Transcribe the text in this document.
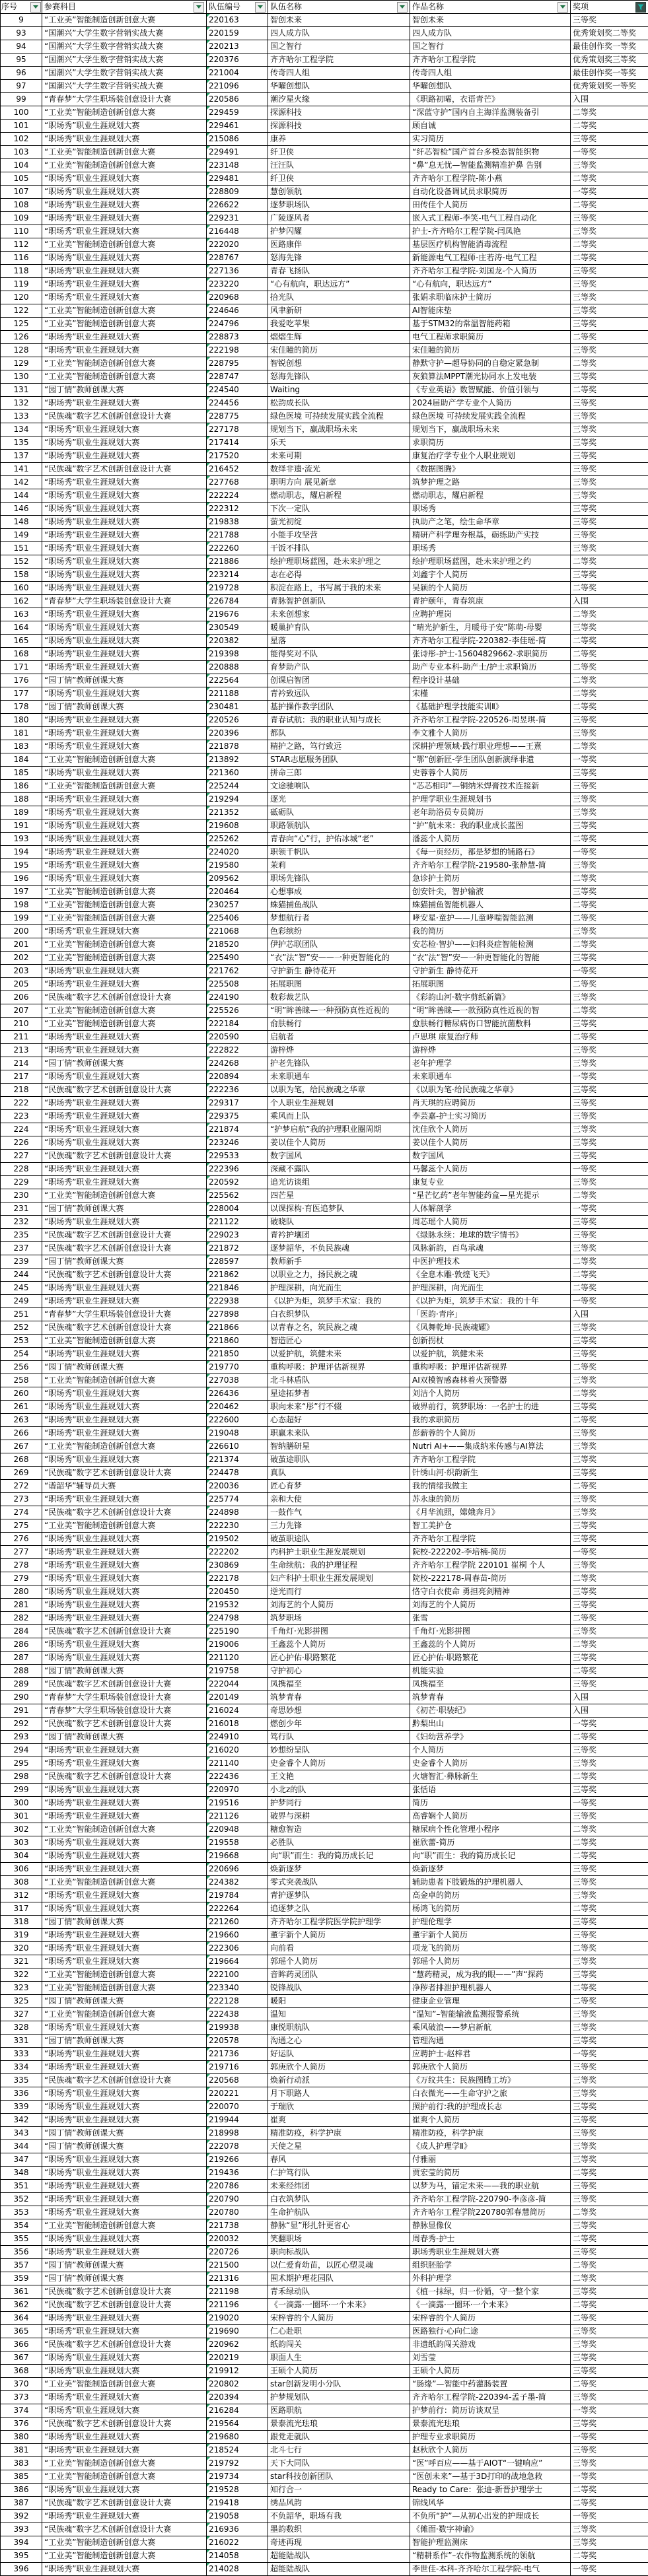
序号	参赛科目	队伍编号	队伍名称	作品名称	奖项
9	“工业美”智能制造创新创意大赛	220163	智创未来	智创未来	三等奖
93	“国潮兴”大学生数字营销实战大赛	220159	四人成方队	四人成方队	优秀策划奖二等奖
94	“国潮兴”大学生数字营销实战大赛	220213	国之智行	国之智行	最佳创作奖一等奖
95	“国潮兴”大学生数字营销实战大赛	220376	齐齐哈尔工程学院	齐齐哈尔工程学院	优秀策划奖三等奖
96	“国潮兴”大学生数字营销实战大赛	221004	传奇四人组	传奇四人组	最佳创作奖一等奖
97	“国潮兴”大学生数字营销实战大赛	221096	华曜创想队	华曜创想队	优秀策划奖一等奖
99	“青春梦”大学生职场装创意设计大赛	220586	潮汐星火缘	《职路初晞，衣语青芒》	入围
100	“工业美”智能制造创新创意大赛	229459	探源科技	“深蓝守护”国内自主海洋监测装备引	二等奖
101	“职场秀”职业生涯规划大赛	229461	探源科技	顾自诚	二等奖
102	“职场秀”职业生涯规划大赛	215086	康养	实习简历	三等奖
103	“工业美”智能制造创新创意大赛	229491	纤卫侠	“纤芯智检”国产首台多模态智能织物	一等奖
104	“工业美”智能制造创新创意大赛	223148	汪汪队	“鼻”息无忧—智能监测精准护鼻 告别	三等奖
105	“职场秀”职业生涯规划大赛	229481	纤卫侠	齐齐哈尔工程学院-陈小燕	二等奖
107	“职场秀”职业生涯规划大赛	228809	慧创领航	自动化设备调试员求职简历	一等奖
108	“职场秀”职业生涯规划大赛	226622	逐梦职场队	田传佳个人简历	二等奖
109	“职场秀”职业生涯规划大赛	229231	广陵逐风者	嵌入式工程师-李笑-电气工程自动化	三等奖
110	“职场秀”职业生涯规划大赛	216448	护梦闪耀	护士-齐齐哈尔工程学院-闫凤艳	三等奖
112	“工业美”智能制造创新创意大赛	222020	医路康伴	基层医疗机构智能消毒流程	二等奖
116	“职场秀”职业生涯规划大赛	228767	怒海先锋	新能源电气工程师-庄若涛-电气工程	二等奖
118	“职场秀”职业生涯规划大赛	227136	青春飞扬队	齐齐哈尔工程学院-刘国龙-个人简历	三等奖
119	“职场秀”职业生涯规划大赛	223220	“心有航向，职达远方”	“心有航向，职达远方”	三等奖
120	“职场秀”职业生涯规划大赛	220968	拾光队	张娟求职临床护士简历	三等奖
122	“工业美”智能制造创新创意大赛	224646	风聿新研	AI智能床垫	三等奖
125	“工业美”智能制造创新创意大赛	224796	我爱吃苹果	基于STM32的常温智能药箱	三等奖
126	“职场秀”职业生涯规划大赛	228873	熠熠生辉	电气工程师求职简历	二等奖
128	“职场秀”职业生涯规划大赛	222198	宋佳瞳的简历	宋佳瞳的简历	三等奖
129	“工业美”智能制造创新创意大赛	228795	智锐创想	静默守护—超导协同的自稳定紧急制	二等奖
130	“工业美”智能制造创新创意大赛	228747	怒海先锋队	灰狼算法MPPT潮光协同水上发电装	三等奖
131	“园丁情”教师创课大赛	224540	Waiting	《专业英语》数智赋能、价值引领与	二等奖
132	“职场秀”职业生涯规划大赛	224456	松韵成长队	2024届助产学专业个人简历	三等奖
133	“民族魂”数字艺术创新创意设计大赛	228775	绿色医境 可持续发展实践全流程	绿色医境 可持续发展实践全流程	三等奖
134	“职场秀”职业生涯规划大赛	227178	规划当下，赢战职场未来	规划当下，赢战职场未来	三等奖
135	“职场秀”职业生涯规划大赛	217414	乐天	求职简历	三等奖
137	“职场秀”职业生涯规划大赛	217520	未来可期	康复治疗学专业个人职业规划	三等奖
141	“民族魂”数字艺术创新创意设计大赛	216452	数绎非遗·流光	《数据图腾》	三等奖
142	“职场秀”职业生涯规划大赛	227768	职明方向 展见新章	筑梦护理之路	三等奖
144	“职场秀”职业生涯规划大赛	222224	燃动职志，耀启新程	燃动职志，耀启新程	三等奖
146	“职场秀”职业生涯规划大赛	222312	下次一定队	职场秀	三等奖
148	“职场秀”职业生涯规划大赛	219838	萤光初绽	执助产之笔，绘生命华章	三等奖
149	“职场秀”职业生涯规划大赛	221788	小能手攻坚营	精研产科学理夯根基，砺练助产实技	三等奖
151	“职场秀”职业生涯规划大赛	222260	干饭不排队	职场秀	三等奖
152	“职场秀”职业生涯规划大赛	221886	绘护理职场蓝图，赴未来护理之	绘护理职场蓝图，赴未来护理之约	二等奖
158	“职场秀”职业生涯规划大赛	223214	志在必得	刘鑫宇个人简历	三等奖
160	“职场秀”职业生涯规划大赛	219728	积淀在路上，书写属于我的未来	吴颖的个人简历	二等奖
162	“青春梦”大学生职场装创意设计大赛	226784	青脉智护创新队	青护颐年，青春筑康	入围
163	“职场秀”职业生涯规划大赛	219676	未来创想家	应聘护理岗	二等奖
164	“职场秀”职业生涯规划大赛	230549	暖巢护育队	“晴光护新生，月暖母子安”陈萌-母婴	三等奖
165	“职场秀”职业生涯规划大赛	220382	星落	齐齐哈尔工程学院-220382-李佳瑶-简	二等奖
168	“职场秀”职业生涯规划大赛	219398	能得奖对不队	张诗彤-护士-15604829662-求职简历	二等奖
171	“职场秀”职业生涯规划大赛	220888	育梦助产队	助产专业本科-助产士/护士求职简历	二等奖
176	“园丁情”教师创课大赛	222564	创课启智团	程序设计基础	二等奖
177	“职场秀”职业生涯规划大赛	221188	青衿致远队	宋槿	二等奖
178	“园丁情”教师创课大赛	230481	基护操作教学团队	《基础护理学技能实训Ⅱ》	二等奖
180	“职场秀”职业生涯规划大赛	220526	青春试航：我的职业认知与成长	齐齐哈尔工程学院-220526-周昱琪-简	三等奖
181	“职场秀”职业生涯规划大赛	220396	都队	李文雅个人简历	三等奖
183	“职场秀”职业生涯规划大赛	221878	精护之路，笃行致远	深耕护理领域·践行职业理想——王熹	二等奖
184	“工业美”智能制造创新创意大赛	213892	STAR志愿服务团队	“鄂”创新匠-学生团队创新演绎非遗	一等奖
185	“职场秀”职业生涯规划大赛	221360	拼命三郎	史蓉蓉个人简历	三等奖
186	“工业美”智能制造创新创意大赛	225244	文途驰响队	“芯芯相印”—铜纳米焊膏技术连接新	三等奖
188	“职场秀”职业生涯规划大赛	219294	逐光	护理学职业生涯规划书	三等奖
189	“职场秀”职业生涯规划大赛	221352	砥砺队	老年助浴员专员简历	三等奖
191	“职场秀”职业生涯规划大赛	219608	职路领航队	“护”航未来：我的职业成长蓝图	三等奖
193	“职场秀”职业生涯规划大赛	225262	青春向“心”行，护佑冰城“老”	潘蕊个人简历	二等奖
194	“职场秀”职业生涯规划大赛	224020	职领千帆队	《每一页经历，都是梦想的铺路石》	一等奖
195	“职场秀”职业生涯规划大赛	219580	茉莉	齐齐哈尔工程学院-219580-张静慧-简	三等奖
196	“职场秀”职业生涯规划大赛	209562	职场先锋队	急诊护士简历	二等奖
197	“工业美”智能制造创新创意大赛	220464	心想事成	创安针尖，智护输液	三等奖
198	“工业美”智能制造创新创意大赛	230257	蛛猫捕鱼战队	蛛猫捕鱼智能机器人	二等奖
199	“工业美”智能制造创新创意大赛	225406	梦想航行者	哮安星·童护——儿童哮喘智能监测	二等奖
200	“职场秀”职业生涯规划大赛	221068	色彩缤纷	我的简历	三等奖
201	“工业美”智能制造创新创意大赛	218520	伊护芯联团队	安芯检·智护——妇科炎症智能检测	二等奖
202	“工业美”智能制造创新创意大赛	225490	“衣”法“智”安——一种更智能化的	“衣”法“智”安—一种更智能化的智能	三等奖
203	“职场秀”职业生涯规划大赛	221762	守护新生 静待花开	守护新生 静待花开	一等奖
205	“职场秀”职业生涯规划大赛	225508	拓展职图	拓展职图	二等奖
206	“民族魂”数字艺术创新创意设计大赛	224190	数彩裁艺队	《彩韵山河·数字剪纸新篇》	三等奖
207	“工业美”智能制造创新创意大赛	225526	“明”眸善睐—一种预防真性近视的	“明”眸善睐—一款预防真性近视的智	二等奖
210	“工业美”智能制造创新创意大赛	222184	俞肤畅行	愈肤畅行糖尿病伤口智能抗菌敷料	三等奖
211	“职场秀”职业生涯规划大赛	220590	启航者	卢思琪 康复治疗师	二等奖
213	“职场秀”职业生涯规划大赛	222822	游梓烨	游梓烨	三等奖
214	“园丁情”教师创课大赛	224268	护老先锋队	老年护理学	三等奖
217	“职场秀”职业生涯规划大赛	220894	未来职通车	未来职通车	一等奖
218	“民族魂”数字艺术创新创意设计大赛	222236	以职为笔，给民族魂之华章	《以职为笔·给民族魂之华章》	三等奖
222	“职场秀”职业生涯规划大赛	229317	个人职业生涯规划	肖天琪的应聘简历	三等奖
223	“职场秀”职业生涯规划大赛	229375	乘风而上队	李芸嘉-护士实习简历	三等奖
224	“职场秀”职业生涯规划大赛	221874	“护梦启航”我的护理职业圈周期	沈佳欣个人简历	三等奖
226	“职场秀”职业生涯规划大赛	223246	姜以佳个人简历	姜以佳个人简历	三等奖
227	“民族魂”数字艺术创新创意设计大赛	229533	数字国风	数字国风	三等奖
228	“职场秀”职业生涯规划大赛	222396	深藏不露队	马馨蕊个人简历	一等奖
229	“职场秀”职业生涯规划大赛	220592	追光访谈组	康复专业	三等奖
230	“工业美”智能制造创新创意大赛	225562	四芒星	“星芒忆药”老年智能药盒—星光提示	二等奖
231	“园丁情”教师创课大赛	228004	以课探构·育医追梦队	人体解剖学	一等奖
232	“职场秀”职业生涯规划大赛	221122	破晓队	周芯瑶个人简历	三等奖
235	“民族魂”数字艺术创新创意设计大赛	229023	青衿护壤团	《绿脉永续：地球的数字情书》	三等奖
237	“民族魂”数字艺术创新创意设计大赛	221872	逐梦韶华，不负民族魂	凤脉新韵，百鸟承魂	三等奖
239	“园丁情”教师创课大赛	228597	教师新手	中医护理技术	二等奖
244	“民族魂”数字艺术创新创意设计大赛	221862	以职业之力，扬民族之魂	《全息木雕·敦煌飞天》	二等奖
245	“职场秀”职业生涯规划大赛	221846	护理深耕，向光而生	护理深耕，向光而生	二等奖
249	“职场秀”职业生涯规划大赛	222938	《以护为炬，筑梦手术室：我的	《以护为炬，筑梦手术室：我的十年	一等奖
251	“青春梦”大学生职场装创意设计大赛	227898	白衣织梦队	「医韵·青序」	入围
252	“民族魂”数字艺术创新创意设计大赛	221866	以青春之名，筑民族之魂	《凤舞乾坤·民族魂耀》	三等奖
253	“工业美”智能制造创新创意大赛	221860	智造匠心	创新拐杖	三等奖
254	“职场秀”职业生涯规划大赛	221850	以爱护航，筑健未来	以爱护航，筑健未来	三等奖
256	“园丁情”教师创课大赛	219770	重构呼吸：护理评估新视界	重构呼吸：护理评估新视界	二等奖
258	“工业美”智能制造创新创意大赛	227038	北斗林盾队	AI双模智感森林着火预警器	三等奖
260	“职场秀”职业生涯规划大赛	226436	星途拓梦者	刘洁个人简历	二等奖
261	“职场秀”职业生涯规划大赛	220462	职向未来“彤”行不辍	破界前行，筑梦职场：一名护士的进	三等奖
263	“职场秀”职业生涯规划大赛	222600	心态超好	我的求职简历	二等奖
266	“职场秀”职业生涯规划大赛	219048	职赢未来队	彭薪蓉的个人简历	三等奖
267	“工业美”智能制造创新创意大赛	226610	智纳膳研星	Nutri AI+——集成纳米传感与AI算法	三等奖
268	“职场秀”职业生涯规划大赛	221374	破茧途职队	齐齐哈尔工程学院	三等奖
269	“民族魂”数字艺术创新创意设计大赛	224478	真队	针绣山河·织韵新生	三等奖
272	“谱韶华”辅导员大赛	220036	匠心育梦	我的情绪我做主	二等奖
273	“职场秀”职业生涯规划大赛	225774	亲和大使	苏永康的简历	三等奖
274	“民族魂”数字艺术创新创意设计大赛	224898	一鼓作气	《月华流照，嫦娥奔月》	三等奖
275	“工业美”智能制造创新创意大赛	222230	三力先锋	智工美护仓	三等奖
276	“职场秀”职业生涯规划大赛	219502	破茧职途队	齐齐哈尔工程学院	三等奖
277	“职场秀”职业生涯规划大赛	222202	内科护士职业生涯发展规划	院校-222202-李培楠-简历	一等奖
278	“职场秀”职业生涯规划大赛	230869	生命续航：我的护理征程	齐齐哈尔工程学院 220101 崔桐 个人	三等奖
279	“职场秀”职业生涯规划大赛	222178	妇产科护士职业生涯发展规划	院校-222178-周春苗-简历	二等奖
280	“职场秀”职业生涯规划大赛	220450	逆光而行	恪守白衣使命 勇担亮剑精神	三等奖
281	“职场秀”职业生涯规划大赛	219532	刘海艺的个人简历	刘海艺的个人简历	三等奖
282	“职场秀”职业生涯规划大赛	224798	筑梦职场	张雪	二等奖
284	“民族魂”数字艺术创新创意设计大赛	225190	千角灯·光影拼图	千角灯·光影拼图	三等奖
286	“职场秀”职业生涯规划大赛	219006	王鑫蕊个人简历	王鑫蕊的个人简历	二等奖
287	“职场秀”职业生涯规划大赛	221120	匠心护佑·职路繁花	匠心护佑·职路繁花	三等奖
288	“园丁情”教师创课大赛	219758	守护初心	机能实验	二等奖
289	“民族魂”数字艺术创新创意设计大赛	222044	凤携福至	凤携福至	三等奖
290	“青春梦”大学生职场装创意设计大赛	220149	筑梦青春	筑梦青春	入围
291	“青春梦”大学生职场装创意设计大赛	216024	奇思妙想	《初芒·职装纪》	入围
292	“民族魂”数字艺术创新创意设计大赛	216018	燃创少年	黔梨出山	一等奖
293	“园丁情”教师创课大赛	224910	笃行队	《妇幼营养学》	二等奖
294	“职场秀”职业生涯规划大赛	216020	妙想纷呈队	个人简历	三等奖
295	“职场秀”职业生涯规划大赛	221140	史金睿个人简历	史金睿个人简历	三等奖
298	“民族魂”数字艺术创新创意设计大赛	222436	王文艳	火塘智汇·彝脉新生	二等奖
299	“职场秀”职业生涯规划大赛	220970	小北z的队	张恬语	三等奖
300	“职场秀”职业生涯规划大赛	219516	护梦同行	简历	一等奖
301	“职场秀”职业生涯规划大赛	221126	破界与深耕	高睿娴个人简历	三等奖
302	“工业美”智能制造创新创意大赛	220948	糖愈智造	糖尿病个性化管理小程序	二等奖
303	“职场秀”职业生涯规划大赛	219558	必胜队	崔欣蕾-简历	二等奖
304	“职场秀”职业生涯规划大赛	219668	向“职”而生：我的简历成长记	向“职”而生：我的简历成长记	二等奖
306	“职场秀”职业生涯规划大赛	220696	焕新逐梦	焕新逐梦	三等奖
308	“工业美”智能制造创新创意大赛	224382	零式突袭战队	辅助患者下肢锻炼的护理机器人	三等奖
312	“职场秀”职业生涯规划大赛	219784	青护逐梦队	高金卓的简历	三等奖
317	“职场秀”职业生涯规划大赛	222264	追逐梦之队	杨鸿飞的简历	二等奖
318	“园丁情”教师创课大赛	221260	齐齐哈尔工程学院医学院护理学	护理伦理学	三等奖
319	“职场秀”职业生涯规划大赛	219660	董宇新个人简历	董宇新个人简历	三等奖
320	“职场秀”职业生涯规划大赛	222306	向前看	项龙飞的简历	二等奖
321	“职场秀”职业生涯规划大赛	219664	郭瑶个人简历	郭瑶个人简历	三等奖
322	“工业美”智能制造创新创意大赛	222100	音眸药灵团队	“慧药精灵，成为我的眼——”声“探药	三等奖
323	“工业美”智能制造创新创意大赛	223340	锐锋战队	净秽者排泄护理机器人	二等奖
325	“园丁情”教师创课大赛	222128	暖阳	健康企业管理	二等奖
327	“工业美”智能制造创新创意大赛	222438	温知	“温知”–智能输液监测报警系统	三等奖
328	“职场秀”职业生涯规划大赛	219938	康悦职航队	乘风破浪——梦启新航	三等奖
331	“园丁情”教师创课大赛	220578	沟通之心	管理沟通	三等奖
333	“职场秀”职业生涯规划大赛	221736	好运队	应聘护士-赵梓君	一等奖
334	“职场秀”职业生涯规划大赛	219716	郭庚欣个人简历	郭庚欣个人简历	三等奖
335	“民族魂”数字艺术创新创意设计大赛	220568	焕新行动派	《万纹共生：民族图腾工坊》	三等奖
336	“职场秀”职业生涯规划大赛	220221	月下职路人	白衣微光——生命守护之旅	三等奖
339	“职场秀”职业生涯规划大赛	220070	于瑞欣	照护前行:我的护理成长志	三等奖
342	“职场秀”职业生涯规划大赛	219944	崔爽	崔爽个人简历	三等奖
343	“园丁情”教师创课大赛	218998	精准防疫，科学护康	精准防疫，科学护康	三等奖
344	“园丁情”教师创课大赛	222078	天使之星	《成人护理学Ⅱ》	三等奖
347	“职场秀”职业生涯规划大赛	219266	春风	付雅丽	三等奖
348	“职场秀”职业生涯规划大赛	219436	仁护笃行队	贾宏莹的简历	二等奖
351	“职场秀”职业生涯规划大赛	220786	未来经纬团	以梦为马，锚定未来——我的职业航	三等奖
352	“职场秀”职业生涯规划大赛	220790	白衣筑梦队	齐齐哈尔工程学院-220790-李彦彦-简	三等奖
353	“职场秀”职业生涯规划大赛	220780	生命护航队	齐齐哈尔工程学院220780郭春慧简历	二等奖
354	“工业美”智能制造创新创意大赛	221738	静脉“显”形扎针更省心	静脉显像仪	三等奖
355	“职场秀”职业生涯规划大赛	220032	笑翻职场	周春秀-护士	二等奖
356	“职场秀”职业生涯规划大赛	220726	职向标战队	职场秀职业生涯规划大赛	三等奖
357	“园丁情”教师创课大赛	221500	以仁爱育幼苗，以匠心塑灵魂	组织胚胎学	二等奖
359	“园丁情”教师创课大赛	221316	围术期护理花园队	外科护理学	二等奖
361	“民族魂”数字艺术创新创意设计大赛	221198	青禾绿动队	《植一抹绿，归一份循，守一整个家	三等奖
362	“民族魂”数字艺术创新创意设计大赛	221196	《一滴露·一圈环·一个未来》	《一滴露·一圈环·一个未来》	二等奖
364	“职场秀”职业生涯规划大赛	219020	宋梓睿的个人简历	宋梓睿的个人简历	二等奖
365	“职场秀”职业生涯规划大赛	219690	仁心赴职	医路独行·心向仁途	三等奖
366	“民族魂”数字艺术创新创意设计大赛	220962	纸韵闯关	非遗纸韵闯关游戏	三等奖
367	“职场秀”职业生涯规划大赛	220219	职面人生	刘雪莹	三等奖
368	“职场秀”职业生涯规划大赛	219912	王硕个人简历	王硕个人简历	三等奖
370	“工业美”智能制造创新创意大赛	220802	star创新发明小分队	“肠缘”—智能中药灌肠装置	二等奖
373	“职场秀”职业生涯规划大赛	220394	护梦规划队	齐齐哈尔工程学院-220394-孟子墨-简	三等奖
374	“职场秀”职业生涯规划大赛	216284	医路职航	护梦前行：简历访谈双呈	一等奖
376	“民族魂”数字艺术创新创意设计大赛	219564	景泰流光珐琅	景泰流光珐琅	三等奖
380	“职场秀”职业生涯规划大赛	219680	跟党走就队	护理专业求职简历	一等奖
381	“职场秀”职业生涯规划大赛	218524	北斗七行	赵秋欣个人简历	三等奖
383	“工业美”智能制造创新创意大赛	219792	天下大同队	“医”呼百应——基于AIOT“一键响应”	三等奖
385	“工业美”智能制造创新创意大赛	219734	star科技创新团队	“医创未来”—基于3D打印的战地急救	一等奖
386	“职场秀”职业生涯规划大赛	219528	知行合一	Ready to Care：张迪-新晋护理学士	二等奖
387	“民族魂”数字艺术创新创意设计大赛	219418	绣品风韵	锦线风华	二等奖
392	“职场秀”职业生涯规划大赛	219058	不负韶华，职场有我	不负所“护”—从初心出发的护理成长	一等奖
393	“民族魂”数字艺术创新创意设计大赛	216936	墨韵数织	《傩面·数字神谕》	三等奖
394	“工业美”智能制造创新创意大赛	216022	奇迹再现	智能护理监测床	三等奖
395	“工业美”智能制造创新创意大赛	214058	超能陆战队	“精耕系作”–农作物监测系统的领航	二等奖
396	“职场秀”职业生涯规划大赛	214028	超能陆战队	李世佳-本科-齐齐哈尔工程学院-电气	一等奖
